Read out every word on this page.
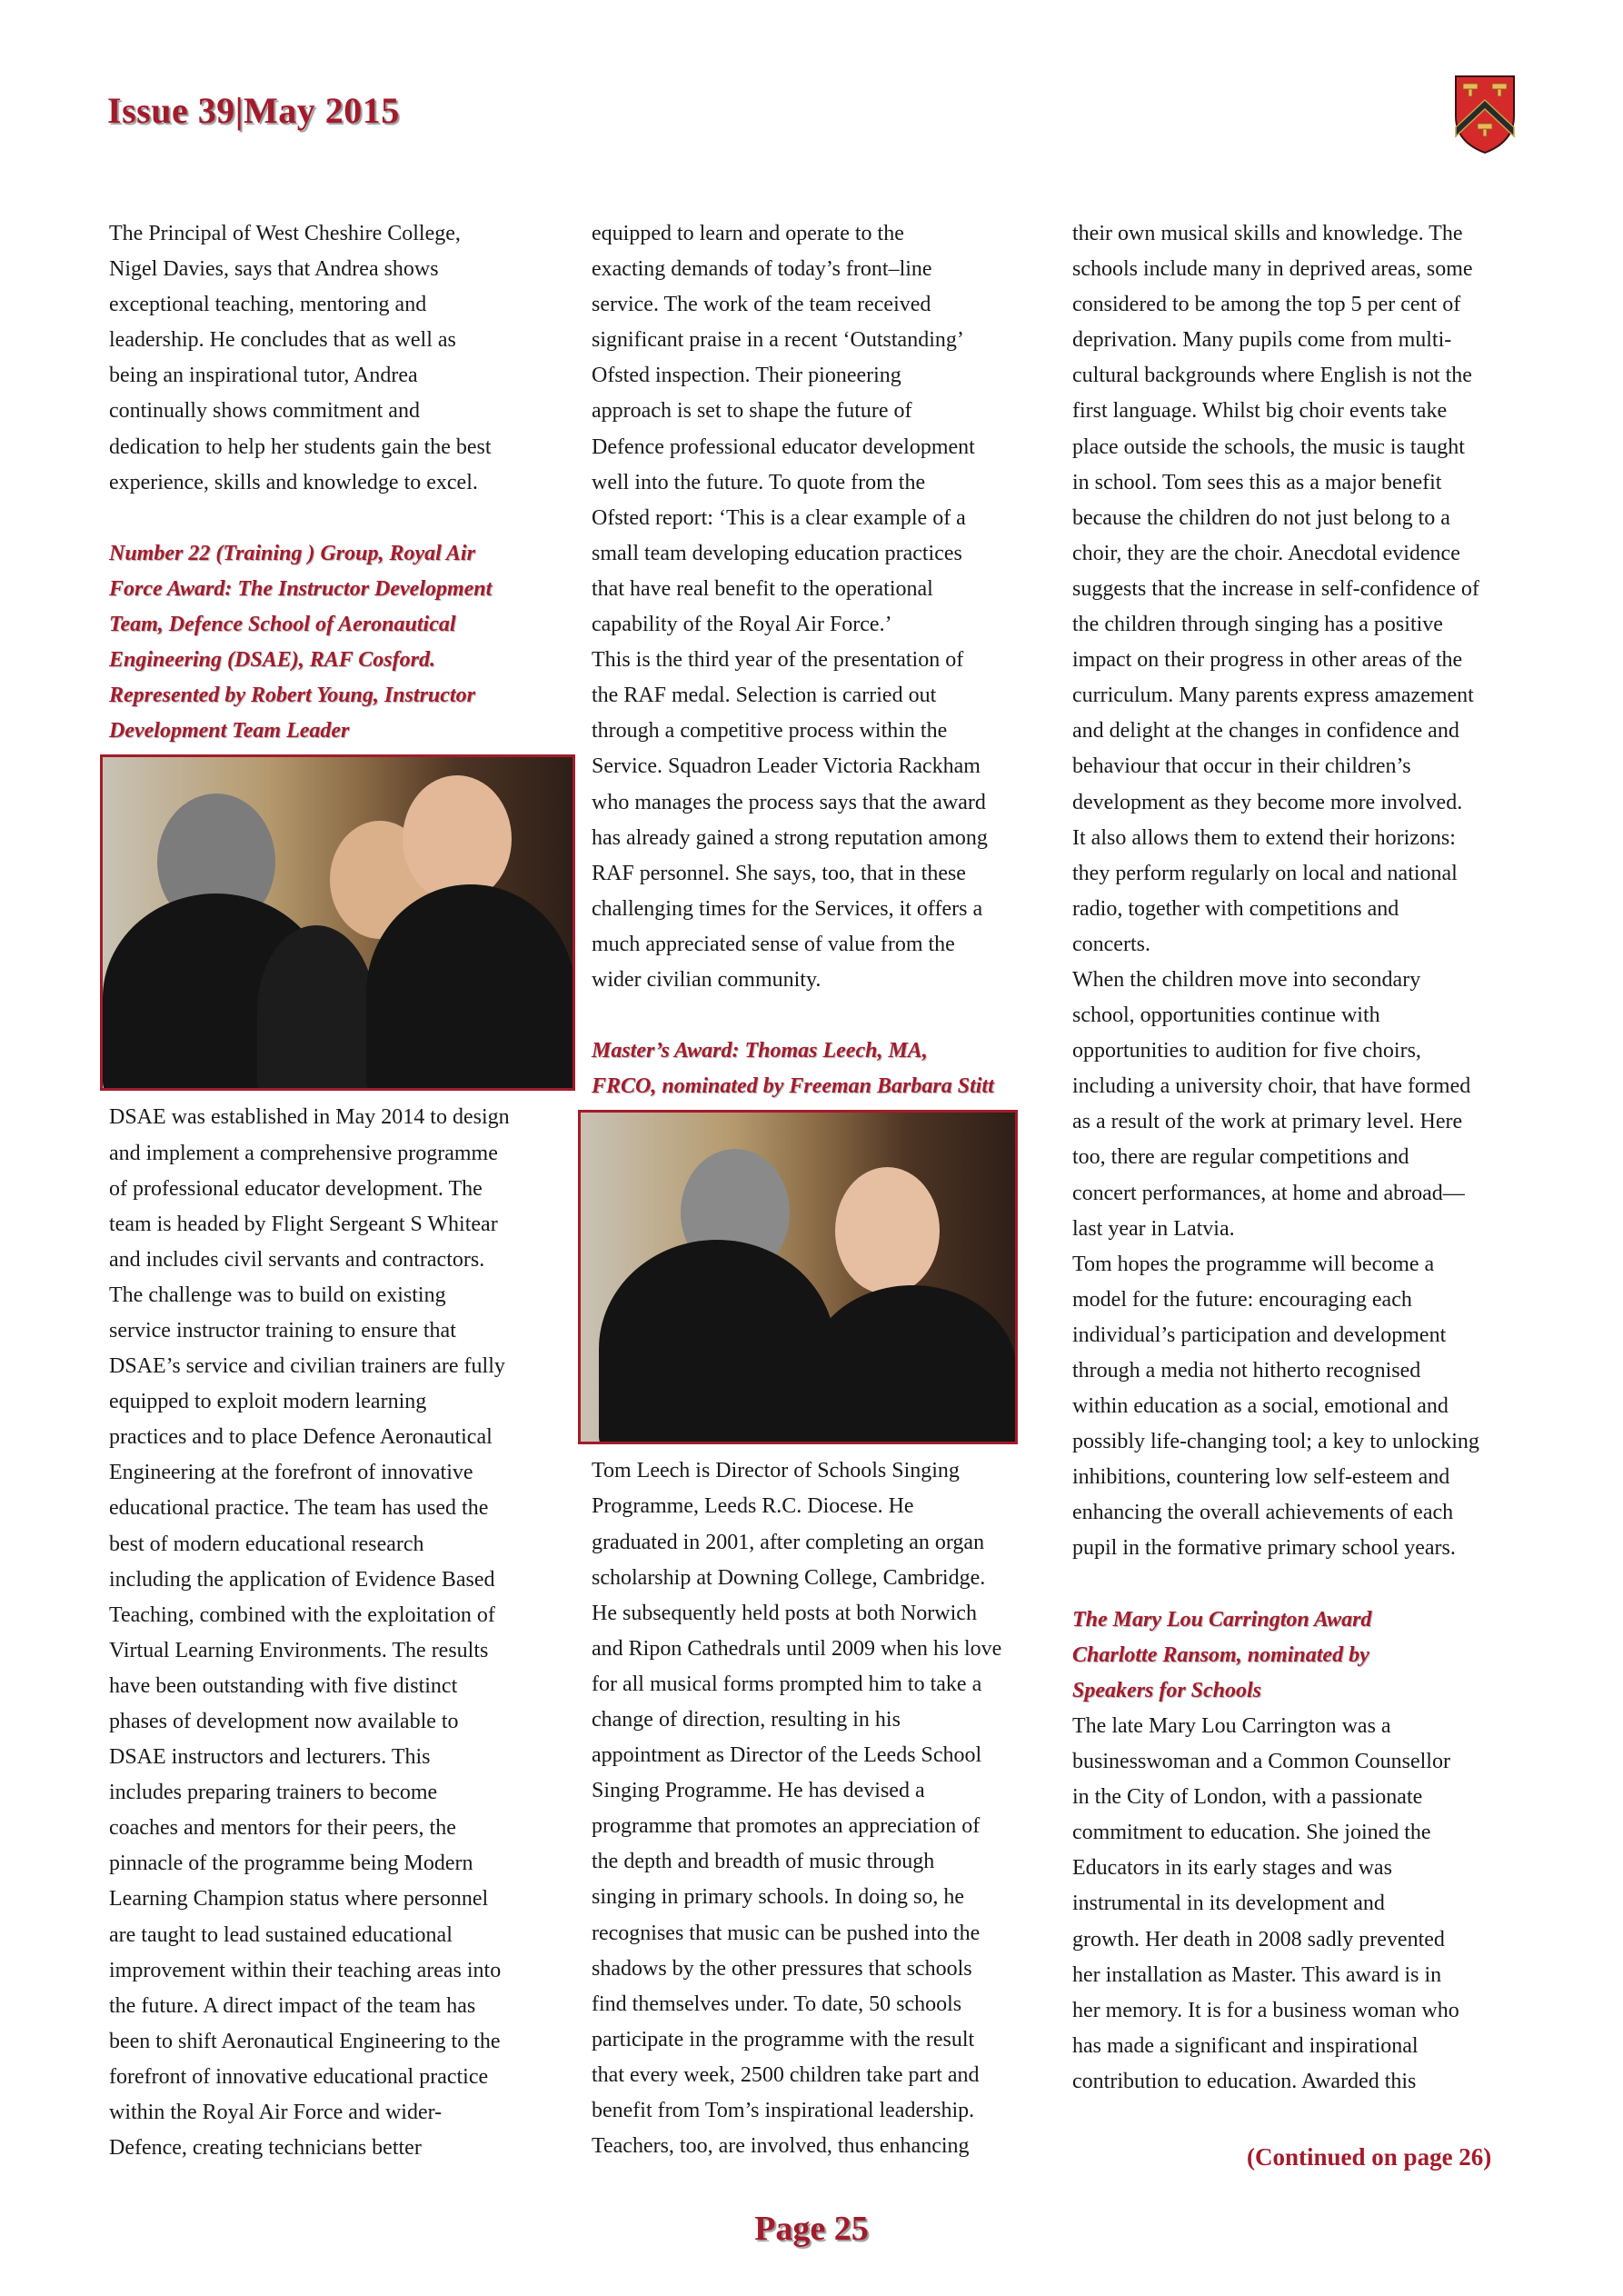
Issue 39|May 2015
The Principal of West Cheshire College,
Nigel Davies, says that Andrea shows
exceptional teaching, mentoring and
leadership. He concludes that as well as
being an inspirational tutor, Andrea
continually shows commitment and
dedication to help her students gain the best
experience, skills and knowledge to excel.
Number 22 (Training ) Group, Royal Air
Force Award: The Instructor Development
Team, Defence School of Aeronautical
Engineering (DSAE), RAF Cosford.
Represented by Robert Young, Instructor
Development Team Leader
DSAE was established in May 2014 to design
and implement a comprehensive programme
of professional educator development. The
team is headed by Flight Sergeant S Whitear
and includes civil servants and contractors.
The challenge was to build on existing
service instructor training to ensure that
DSAE’s service and civilian trainers are fully
equipped to exploit modern learning
practices and to place Defence Aeronautical
Engineering at the forefront of innovative
educational practice. The team has used the
best of modern educational research
including the application of Evidence Based
Teaching, combined with the exploitation of
Virtual Learning Environments. The results
have been outstanding with five distinct
phases of development now available to
DSAE instructors and lecturers. This
includes preparing trainers to become
coaches and mentors for their peers, the
pinnacle of the programme being Modern
Learning Champion status where personnel
are taught to lead sustained educational
improvement within their teaching areas into
the future. A direct impact of the team has
been to shift Aeronautical Engineering to the
forefront of innovative educational practice
within the Royal Air Force and wider-
Defence, creating technicians better
equipped to learn and operate to the
exacting demands of today’s front–line
service. The work of the team received
significant praise in a recent ‘Outstanding’
Ofsted inspection. Their pioneering
approach is set to shape the future of
Defence professional educator development
well into the future. To quote from the
Ofsted report: ‘This is a clear example of a
small team developing education practices
that have real benefit to the operational
capability of the Royal Air Force.’
This is the third year of the presentation of
the RAF medal. Selection is carried out
through a competitive process within the
Service. Squadron Leader Victoria Rackham
who manages the process says that the award
has already gained a strong reputation among
RAF personnel. She says, too, that in these
challenging times for the Services, it offers a
much appreciated sense of value from the
wider civilian community.
Master’s Award: Thomas Leech, MA,
FRCO, nominated by Freeman Barbara Stitt
Tom Leech is Director of Schools Singing
Programme, Leeds R.C. Diocese. He
graduated in 2001, after completing an organ
scholarship at Downing College, Cambridge.
He subsequently held posts at both Norwich
and Ripon Cathedrals until 2009 when his love
for all musical forms prompted him to take a
change of direction, resulting in his
appointment as Director of the Leeds School
Singing Programme. He has devised a
programme that promotes an appreciation of
the depth and breadth of music through
singing in primary schools. In doing so, he
recognises that music can be pushed into the
shadows by the other pressures that schools
find themselves under. To date, 50 schools
participate in the programme with the result
that every week, 2500 children take part and
benefit from Tom’s inspirational leadership.
Teachers, too, are involved, thus enhancing
their own musical skills and knowledge. The
schools include many in deprived areas, some
considered to be among the top 5 per cent of
deprivation. Many pupils come from multi-
cultural backgrounds where English is not the
first language. Whilst big choir events take
place outside the schools, the music is taught
in school. Tom sees this as a major benefit
because the children do not just belong to a
choir, they are the choir. Anecdotal evidence
suggests that the increase in self-confidence of
the children through singing has a positive
impact on their progress in other areas of the
curriculum. Many parents express amazement
and delight at the changes in confidence and
behaviour that occur in their children’s
development as they become more involved.
It also allows them to extend their horizons:
they perform regularly on local and national
radio, together with competitions and
concerts.
When the children move into secondary
school, opportunities continue with
opportunities to audition for five choirs,
including a university choir, that have formed
as a result of the work at primary level. Here
too, there are regular competitions and
concert performances, at home and abroad—
last year in Latvia.
Tom hopes the programme will become a
model for the future: encouraging each
individual’s participation and development
through a media not hitherto recognised
within education as a social, emotional and
possibly life-changing tool; a key to unlocking
inhibitions, countering low self-esteem and
enhancing the overall achievements of each
pupil in the formative primary school years.
The Mary Lou Carrington Award
Charlotte Ransom, nominated by
Speakers for Schools
The late Mary Lou Carrington was a
businesswoman and a Common Counsellor
in the City of London, with a passionate
commitment to education. She joined the
Educators in its early stages and was
instrumental in its development and
growth. Her death in 2008 sadly prevented
her installation as Master. This award is in
her memory. It is for a business woman who
has made a significant and inspirational
contribution to education. Awarded this
(Continued on page 26)
Page 25
